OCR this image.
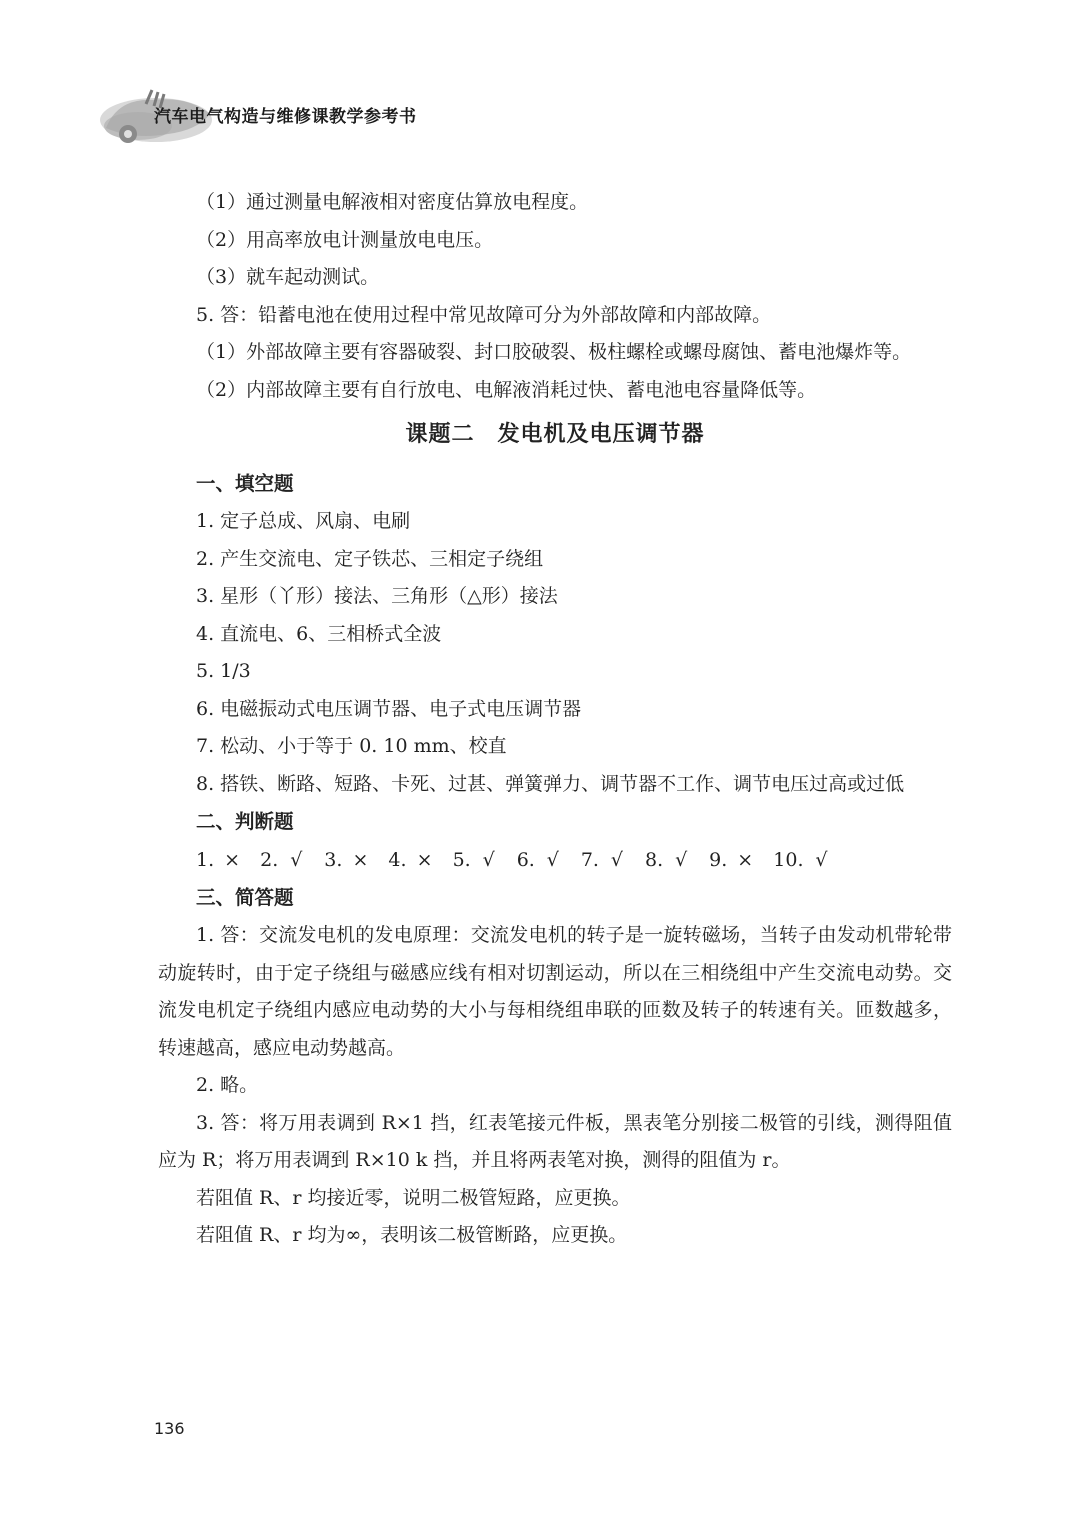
汽车电气构造与维修课教学参考书

（1）通过测量电解液相对密度估算放电程度。

（2）用高率放电计测量放电电压。

（3）就车起动测试。

5. 答：铅蓄电池在使用过程中常见故障可分为外部故障和内部故障。

（1）外部故障主要有容器破裂、封口胶破裂、极柱螺栓或螺母腐蚀、蓄电池爆炸等。

（2）内部故障主要有自行放电、电解液消耗过快、蓄电池电容量降低等。

课题二　发电机及电压调节器

一、填空题

1. 定子总成、风扇、电刷

2. 产生交流电、定子铁芯、三相定子绕组

3. 星形（丫形）接法、三角形（△形）接法

4. 直流电、6、三相桥式全波

5. 1/3

6. 电磁振动式电压调节器、电子式电压调节器

7. 松动、小于等于 0. 10 mm、校直

8. 搭铁、断路、短路、卡死、过甚、弹簧弹力、调节器不工作、调节电压过高或过低

二、判断题

1. × 2. √ 3. × 4. × 5. √ 6. √ 7. √ 8. √ 9. × 10. √

三、简答题

1. 答：交流发电机的发电原理：交流发电机的转子是一旋转磁场，当转子由发动机带轮带动旋转时，由于定子绕组与磁感应线有相对切割运动，所以在三相绕组中产生交流电动势。交流发电机定子绕组内感应电动势的大小与每相绕组串联的匝数及转子的转速有关。匝数越多，转速越高，感应电动势越高。

2. 略。

3. 答：将万用表调到 R×1 挡，红表笔接元件板，黑表笔分别接二极管的引线，测得阻值应为 R；将万用表调到 R×10 k 挡，并且将两表笔对换，测得的阻值为 r。

若阻值 R、r 均接近零，说明二极管短路，应更换。

若阻值 R、r 均为∞，表明该二极管断路，应更换。

136
